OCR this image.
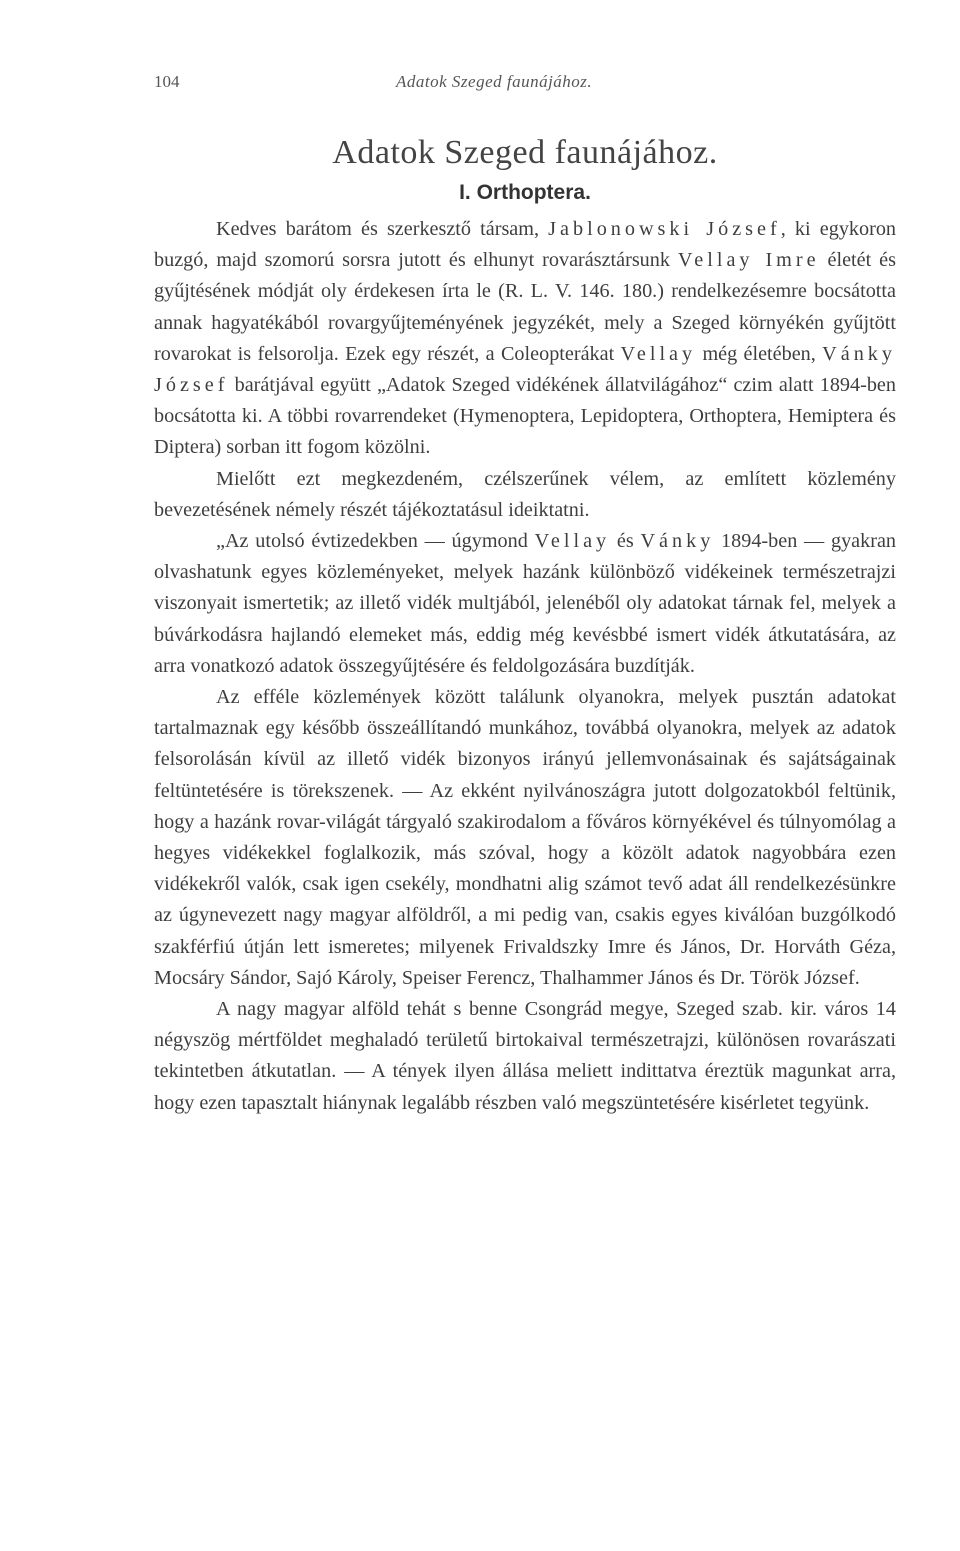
104	Adatok Szeged faunájához.
Adatok Szeged faunájához.
I. Orthoptera.

Kedves barátom és szerkesztő társam, Jablonowski József, ki egykoron buzgó, majd szomorú sorsra jutott és elhunyt rovarásztársunk Vellay Imre életét és gyűjtésének módját oly érdekesen írta le (R. L. V. 146. 180.) rendelkezésemre bocsátotta annak hagyatékából rovargyűjteményének jegyzékét, mely a Szeged környékén gyűjtött rovarokat is felsorolja. Ezek egy részét, a Coleopterákat Vellay még életében, Vánky József barátjával együtt „Adatok Szeged vidékének állatvilágához“ czim alatt 1894-ben bocsátotta ki. A többi rovarrendeket (Hymenoptera, Lepidoptera, Orthoptera, Hemiptera és Diptera) sorban itt fogom közölni.

Mielőtt ezt megkezdeném, czélszerűnek vélem, az említett közlemény bevezetésének némely részét tájékoztatásul ideiktatni.

„Az utolsó évtizedekben — úgymond Vellay és Vánky 1894-ben — gyakran olvashatunk egyes közleményeket, melyek hazánk különböző vidékeinek természetrajzi viszonyait ismertetik; az illető vidék multjából, jelenéből oly adatokat tárnak fel, melyek a búvárkodásra hajlandó elemeket más, eddig még kevésbbé ismert vidék átkutatására, az arra vonatkozó adatok összegyűjtésére és feldolgozására buzdítják.

Az efféle közlemények között találunk olyanokra, melyek pusztán adatokat tartalmaznak egy később összeállítandó munkához, továbbá olyanokra, melyek az adatok felsorolásán kívül az illető vidék bizonyos irányú jellemvonásainak és sajátságainak feltüntetésére is törekszenek. — Az ekként nyilvánoszágra jutott dolgozatokból feltünik, hogy a hazánk rovar-világát tárgyaló szakirodalom a főváros környékével és túlnyomólag a hegyes vidékekkel foglalkozik, más szóval, hogy a közölt adatok nagyobbára ezen vidékekről valók, csak igen csekély, mondhatni alig számot tevő adat áll rendelkezésünkre az úgynevezett nagy magyar alföldről, a mi pedig van, csakis egyes kiválóan buzgólkodó szakférfiú útján lett ismeretes; milyenek Frivaldszky Imre és János, Dr. Horváth Géza, Mocsáry Sándor, Sajó Károly, Speiser Ferencz, Thalhammer János és Dr. Török József.

A nagy magyar alföld tehát s benne Csongrád megye, Szeged szab. kir. város 14 négyszög mértföldet meghaladó területű birtokaival természetrajzi, különösen rovarászati tekintetben átkutatlan. — A tények ilyen állása meliett indittatva éreztük magunkat arra, hogy ezen tapasztalt hiánynak legalább részben való megszüntetésére kisérletet tegyünk.
